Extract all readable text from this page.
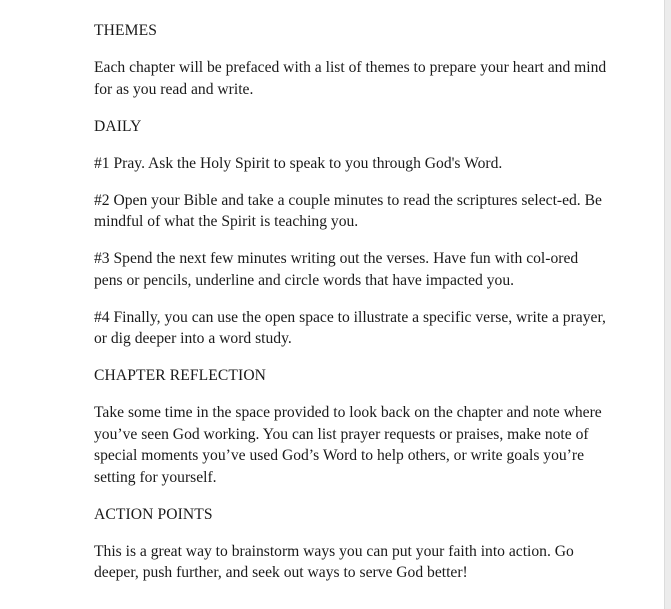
THEMES

Each chapter will be prefaced with a list of themes to prepare your heart and mind for as you read and write.

DAILY

#1 Pray. Ask the Holy Spirit to speak to you through God's Word.

#2 Open your Bible and take a couple minutes to read the scriptures select-ed. Be mindful of what the Spirit is teaching you.

#3 Spend the next few minutes writing out the verses. Have fun with col-ored pens or pencils, underline and circle words that have impacted you.

#4 Finally, you can use the open space to illustrate a specific verse, write a prayer, or dig deeper into a word study.

CHAPTER REFLECTION

Take some time in the space provided to look back on the chapter and note where you’ve seen God working. You can list prayer requests or praises, make note of special moments you’ve used God’s Word to help others, or write goals you’re setting for yourself.

ACTION POINTS

This is a great way to brainstorm ways you can put your faith into action. Go deeper, push further, and seek out ways to serve God better!
